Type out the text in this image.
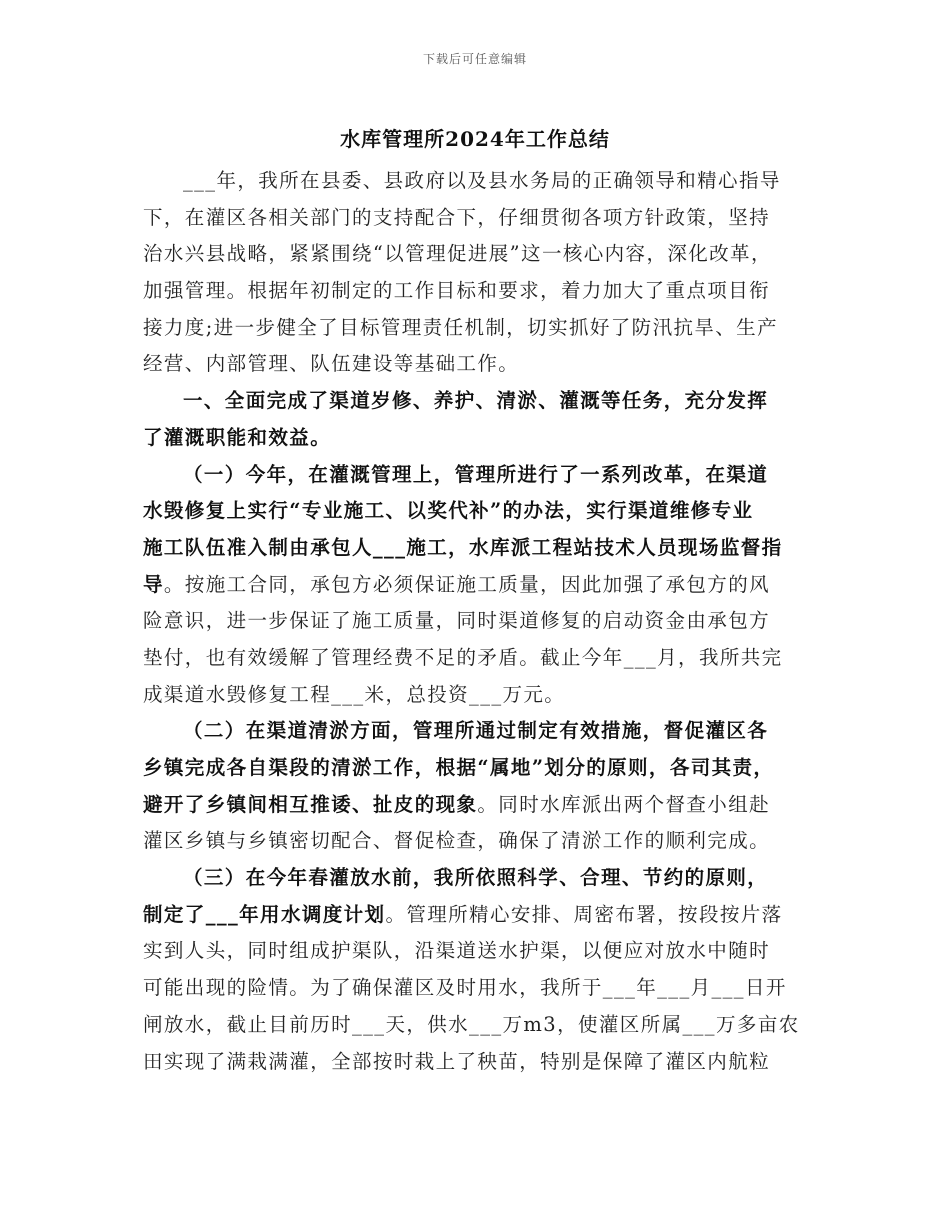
下载后可任意编辑
水库管理所2024年工作总结
___年，我所在县委、县政府以及县水务局的正确领导和精心指导
下，在灌区各相关部门的支持配合下，仔细贯彻各项方针政策，坚持
治水兴县战略，紧紧围绕“以管理促进展”这一核心内容，深化改革，
加强管理。根据年初制定的工作目标和要求，着力加大了重点项目衔
接力度;进一步健全了目标管理责任机制，切实抓好了防汛抗旱、生产
经营、内部管理、队伍建设等基础工作。
一、全面完成了渠道岁修、养护、清淤、灌溉等任务，充分发挥
了灌溉职能和效益。
（一）今年，在灌溉管理上，管理所进行了一系列改革，在渠道
水毁修复上实行“专业施工、以奖代补”的办法，实行渠道维修专业
施工队伍准入制由承包人___施工，水库派工程站技术人员现场监督指
导。按施工合同，承包方必须保证施工质量，因此加强了承包方的风
险意识，进一步保证了施工质量，同时渠道修复的启动资金由承包方
垫付，也有效缓解了管理经费不足的矛盾。截止今年___月，我所共完
成渠道水毁修复工程___米，总投资___万元。
（二）在渠道清淤方面，管理所通过制定有效措施，督促灌区各
乡镇完成各自渠段的清淤工作，根据“属地”划分的原则，各司其责，
避开了乡镇间相互推诿、扯皮的现象。同时水库派出两个督查小组赴
灌区乡镇与乡镇密切配合、督促检查，确保了清淤工作的顺利完成。
（三）在今年春灌放水前，我所依照科学、合理、节约的原则，
制定了___年用水调度计划。管理所精心安排、周密布署，按段按片落
实到人头，同时组成护渠队，沿渠道送水护渠，以便应对放水中随时
可能出现的险情。为了确保灌区及时用水，我所于___年___月___日开
闸放水，截止目前历时___天，供水___万m3，使灌区所属___万多亩农
田实现了满栽满灌，全部按时栽上了秧苗，特别是保障了灌区内航粒
